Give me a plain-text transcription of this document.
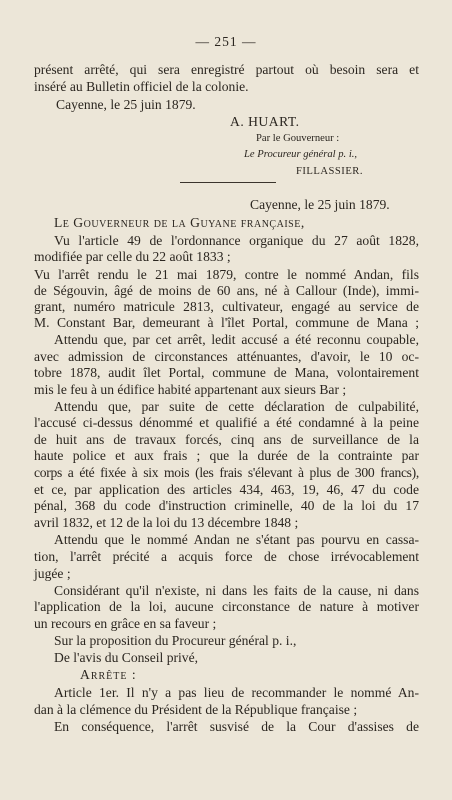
— 251 —
présent arrêté, qui sera enregistré partout où besoin sera et
inséré au Bulletin officiel de la colonie.
Cayenne, le 25 juin 1879.
A. HUART.
Par le Gouverneur :
Le Procureur général p. i.,
FILLASSIER.
Cayenne, le 25 juin 1879.
Le Gouverneur de la Guyane française,
Vu l'article 49 de l'ordonnance organique du 27 août 1828,
modifiée par celle du 22 août 1833 ;
Vu l'arrêt rendu le 21 mai 1879, contre le nommé Andan, fils
de Ségouvin, âgé de moins de 60 ans, né à Callour (Inde), immi-
grant, numéro matricule 2813, cultivateur, engagé au service de
M. Constant Bar, demeurant à l'îlet Portal, commune de Mana ;
Attendu que, par cet arrêt, ledit accusé a été reconnu coupable,
avec admission de circonstances atténuantes, d'avoir, le 10 oc-
tobre 1878, audit îlet Portal, commune de Mana, volontairement
mis le feu à un édifice habité appartenant aux sieurs Bar ;
Attendu que, par suite de cette déclaration de culpabilité,
l'accusé ci-dessus dénommé et qualifié a été condamné à la peine
de huit ans de travaux forcés, cinq ans de surveillance de la
haute police et aux frais ; que la durée de la contrainte par
corps a été fixée à six mois (les frais s'élevant à plus de 300 francs),
et ce, par application des articles 434, 463, 19, 46, 47 du code
pénal, 368 du code d'instruction criminelle, 40 de la loi du 17
avril 1832, et 12 de la loi du 13 décembre 1848 ;
Attendu que le nommé Andan ne s'étant pas pourvu en cassa-
tion, l'arrêt précité a acquis force de chose irrévocablement
jugée ;
Considérant qu'il n'existe, ni dans les faits de la cause, ni dans
l'application de la loi, aucune circonstance de nature à motiver
un recours en grâce en sa faveur ;
Sur la proposition du Procureur général p. i.,
De l'avis du Conseil privé,
Arrête :
Article 1er. Il n'y a pas lieu de recommander le nommé An-
dan à la clémence du Président de la République française ;
En conséquence, l'arrêt susvisé de la Cour d'assises de
